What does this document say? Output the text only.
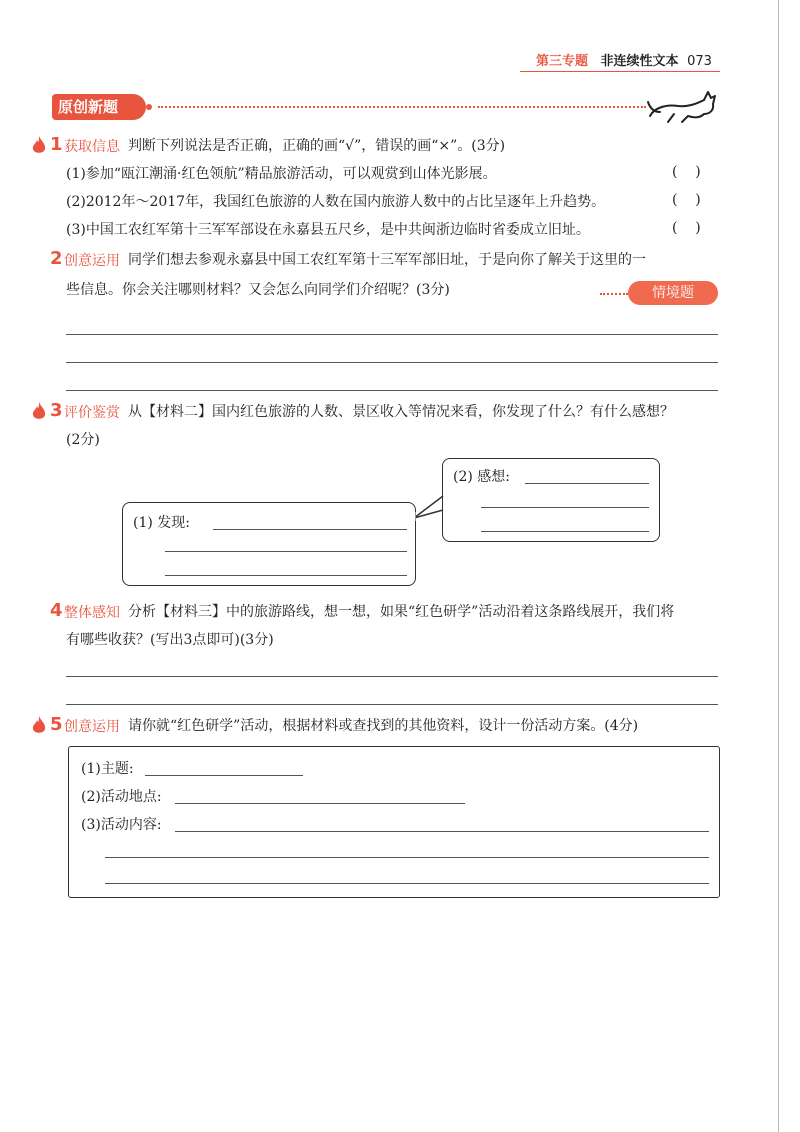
第三专题 非连续性文本 073
原创新题
1 获取信息 判断下列说法是否正确，正确的画“√”，错误的画“×”。(3分)
(1)参加“瓯江潮涌·红色领航”精品旅游活动，可以观赏到山体光影展。	(    )
(2)2012年～2017年，我国红色旅游的人数在国内旅游人数中的占比呈逐年上升趋势。	(    )
(3)中国工农红军第十三军军部设在永嘉县五尺乡，是中共闽浙边临时省委成立旧址。	(    )
2 创意运用 同学们想去参观永嘉县中国工农红军第十三军军部旧址，于是向你了解关于这里的一
些信息。你会关注哪则材料？又会怎么向同学们介绍呢？(3分)	情境题
3 评价鉴赏 从【材料二】国内红色旅游的人数、景区收入等情况来看，你发现了什么？有什么感想？
(2分)
(1) 发现:
(2) 感想:
4 整体感知 分析【材料三】中的旅游路线，想一想，如果“红色研学”活动沿着这条路线展开，我们将
有哪些收获？(写出3点即可)(3分)
5 创意运用 请你就“红色研学”活动，根据材料或查找到的其他资料，设计一份活动方案。(4分)
(1)主题:
(2)活动地点:
(3)活动内容:
